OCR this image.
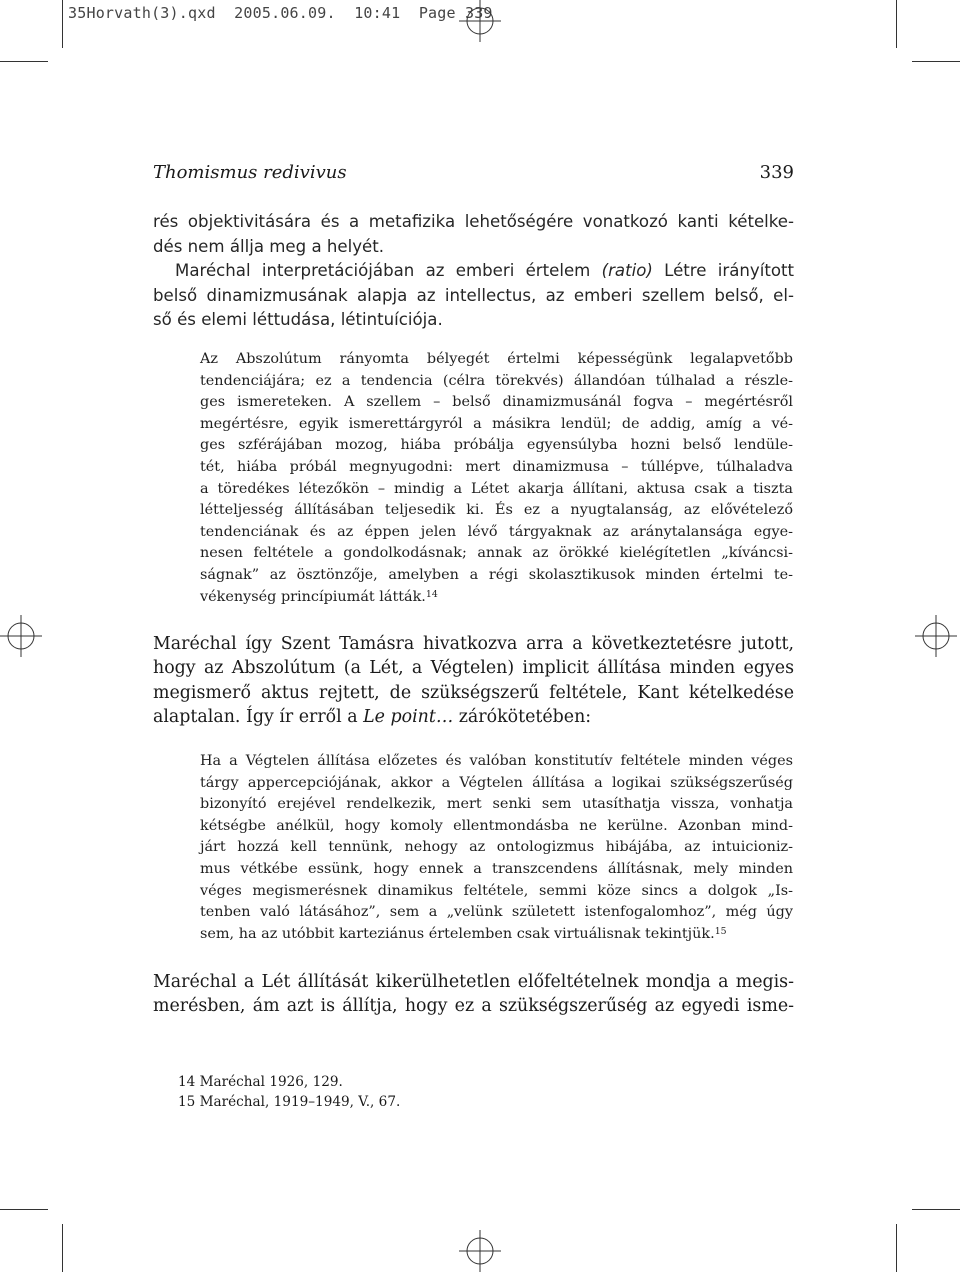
35Horvath(3).qxd 2005.06.09. 10:41 Page 339
Thomismus redivivus	339
rés objektivitására és a metafizika lehetőségére vonatkozó kanti kételke-
dés nem állja meg a helyét.
Maréchal interpretációjában az emberi értelem (ratio) Létre irányított
belső dinamizmusának alapja az intellectus, az emberi szellem belső, el-
ső és elemi léttudása, létintuíciója.
Az Abszolútum rányomta bélyegét értelmi képességünk legalapvetőbb
tendenciájára; ez a tendencia (célra törekvés) állandóan túlhalad a részle-
ges ismereteken. A szellem – belső dinamizmusánál fogva – megértésről
megértésre, egyik ismerettárgyról a másikra lendül; de addig, amíg a vé-
ges szférájában mozog, hiába próbálja egyensúlyba hozni belső lendüle-
tét, hiába próbál megnyugodni: mert dinamizmusa – túllépve, túlhaladva
a töredékes létezőkön – mindig a Létet akarja állítani, aktusa csak a tiszta
létteljesség állításában teljesedik ki. És ez a nyugtalanság, az elővételező
tendenciának és az éppen jelen lévő tárgyaknak az aránytalansága egye-
nesen feltétele a gondolkodásnak; annak az örökké kielégítetlen „kíváncsi-
ságnak” az ösztönzője, amelyben a régi skolasztikusok minden értelmi te-
vékenység princípiumát látták.$^{14}$
Maréchal így Szent Tamásra hivatkozva arra a következtetésre jutott,
hogy az Abszolútum (a Lét, a Végtelen) implicit állítása minden egyes
megismerő aktus rejtett, de szükségszerű feltétele, Kant kételkedése
alaptalan. Így ír erről a Le point… zárókötetében:
Ha a Végtelen állítása előzetes és valóban konstitutív feltétele minden véges
tárgy appercepciójának, akkor a Végtelen állítása a logikai szükségszerűség
bizonyító erejével rendelkezik, mert senki sem utasíthatja vissza, vonhatja
kétségbe anélkül, hogy komoly ellentmondásba ne kerülne. Azonban mind-
járt hozzá kell tennünk, nehogy az ontologizmus hibájába, az intuicioniz-
mus vétkébe essünk, hogy ennek a transzcendens állításnak, mely minden
véges megismerésnek dinamikus feltétele, semmi köze sincs a dolgok „Is-
tenben való látásához”, sem a „velünk született istenfogalomhoz”, még úgy
sem, ha az utóbbit karteziánus értelemben csak virtuálisnak tekintjük.$^{15}$
Maréchal a Lét állítását kikerülhetetlen előfeltételnek mondja a megis-
merésben, ám azt is állítja, hogy ez a szükségszerűség az egyedi isme-
14 Maréchal 1926, 129.
15 Maréchal, 1919–1949, V., 67.
